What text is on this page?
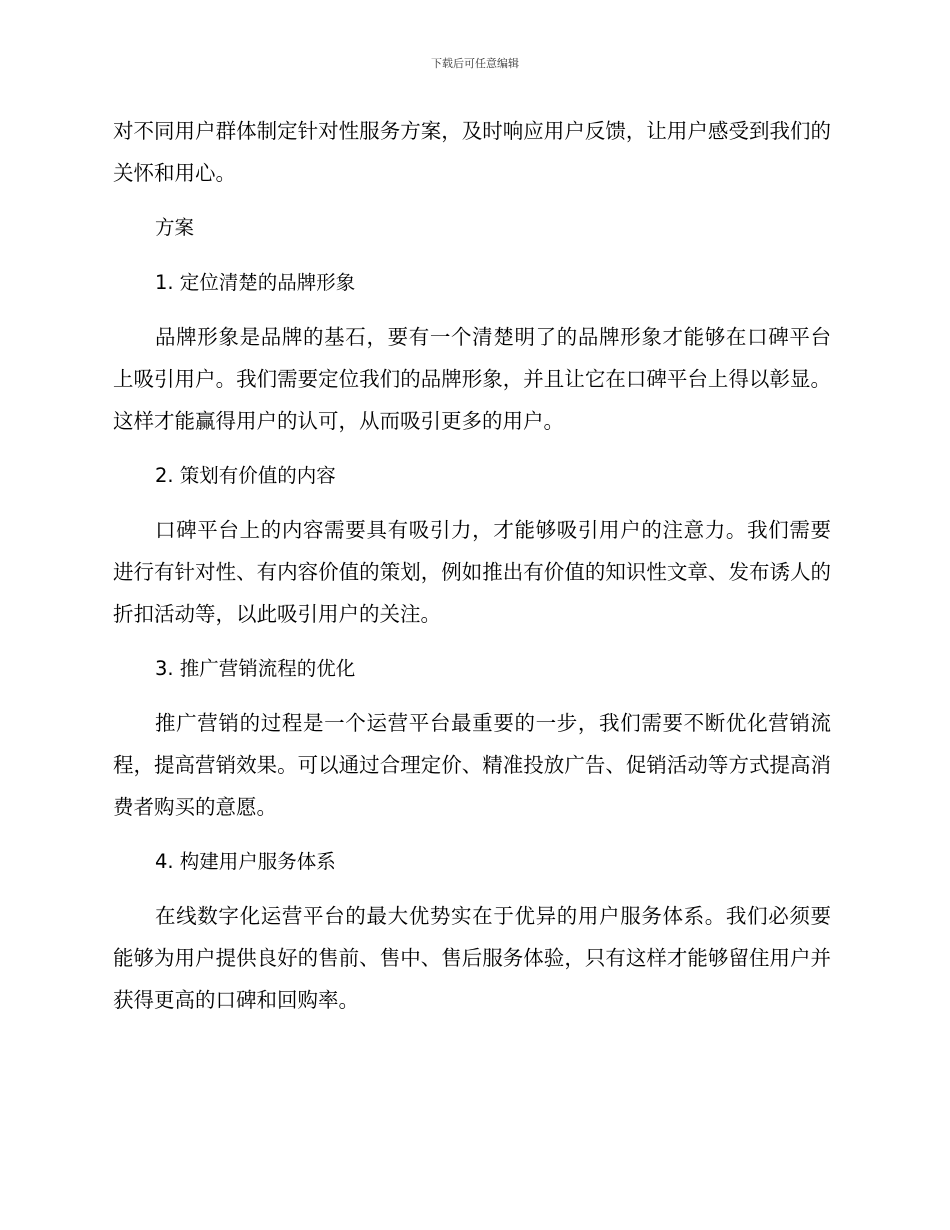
下载后可任意编辑

对不同用户群体制定针对性服务方案，及时响应用户反馈，让用户感受到我们的关怀和用心。

方案
1. 定位清楚的品牌形象

品牌形象是品牌的基石，要有一个清楚明了的品牌形象才能够在口碑平台上吸引用户。我们需要定位我们的品牌形象，并且让它在口碑平台上得以彰显。这样才能赢得用户的认可，从而吸引更多的用户。

2. 策划有价值的内容

口碑平台上的内容需要具有吸引力，才能够吸引用户的注意力。我们需要进行有针对性、有内容价值的策划，例如推出有价值的知识性文章、发布诱人的折扣活动等，以此吸引用户的关注。

3. 推广营销流程的优化

推广营销的过程是一个运营平台最重要的一步，我们需要不断优化营销流程，提高营销效果。可以通过合理定价、精准投放广告、促销活动等方式提高消费者购买的意愿。

4. 构建用户服务体系

在线数字化运营平台的最大优势实在于优异的用户服务体系。我们必须要能够为用户提供良好的售前、售中、售后服务体验，只有这样才能够留住用户并获得更高的口碑和回购率。
